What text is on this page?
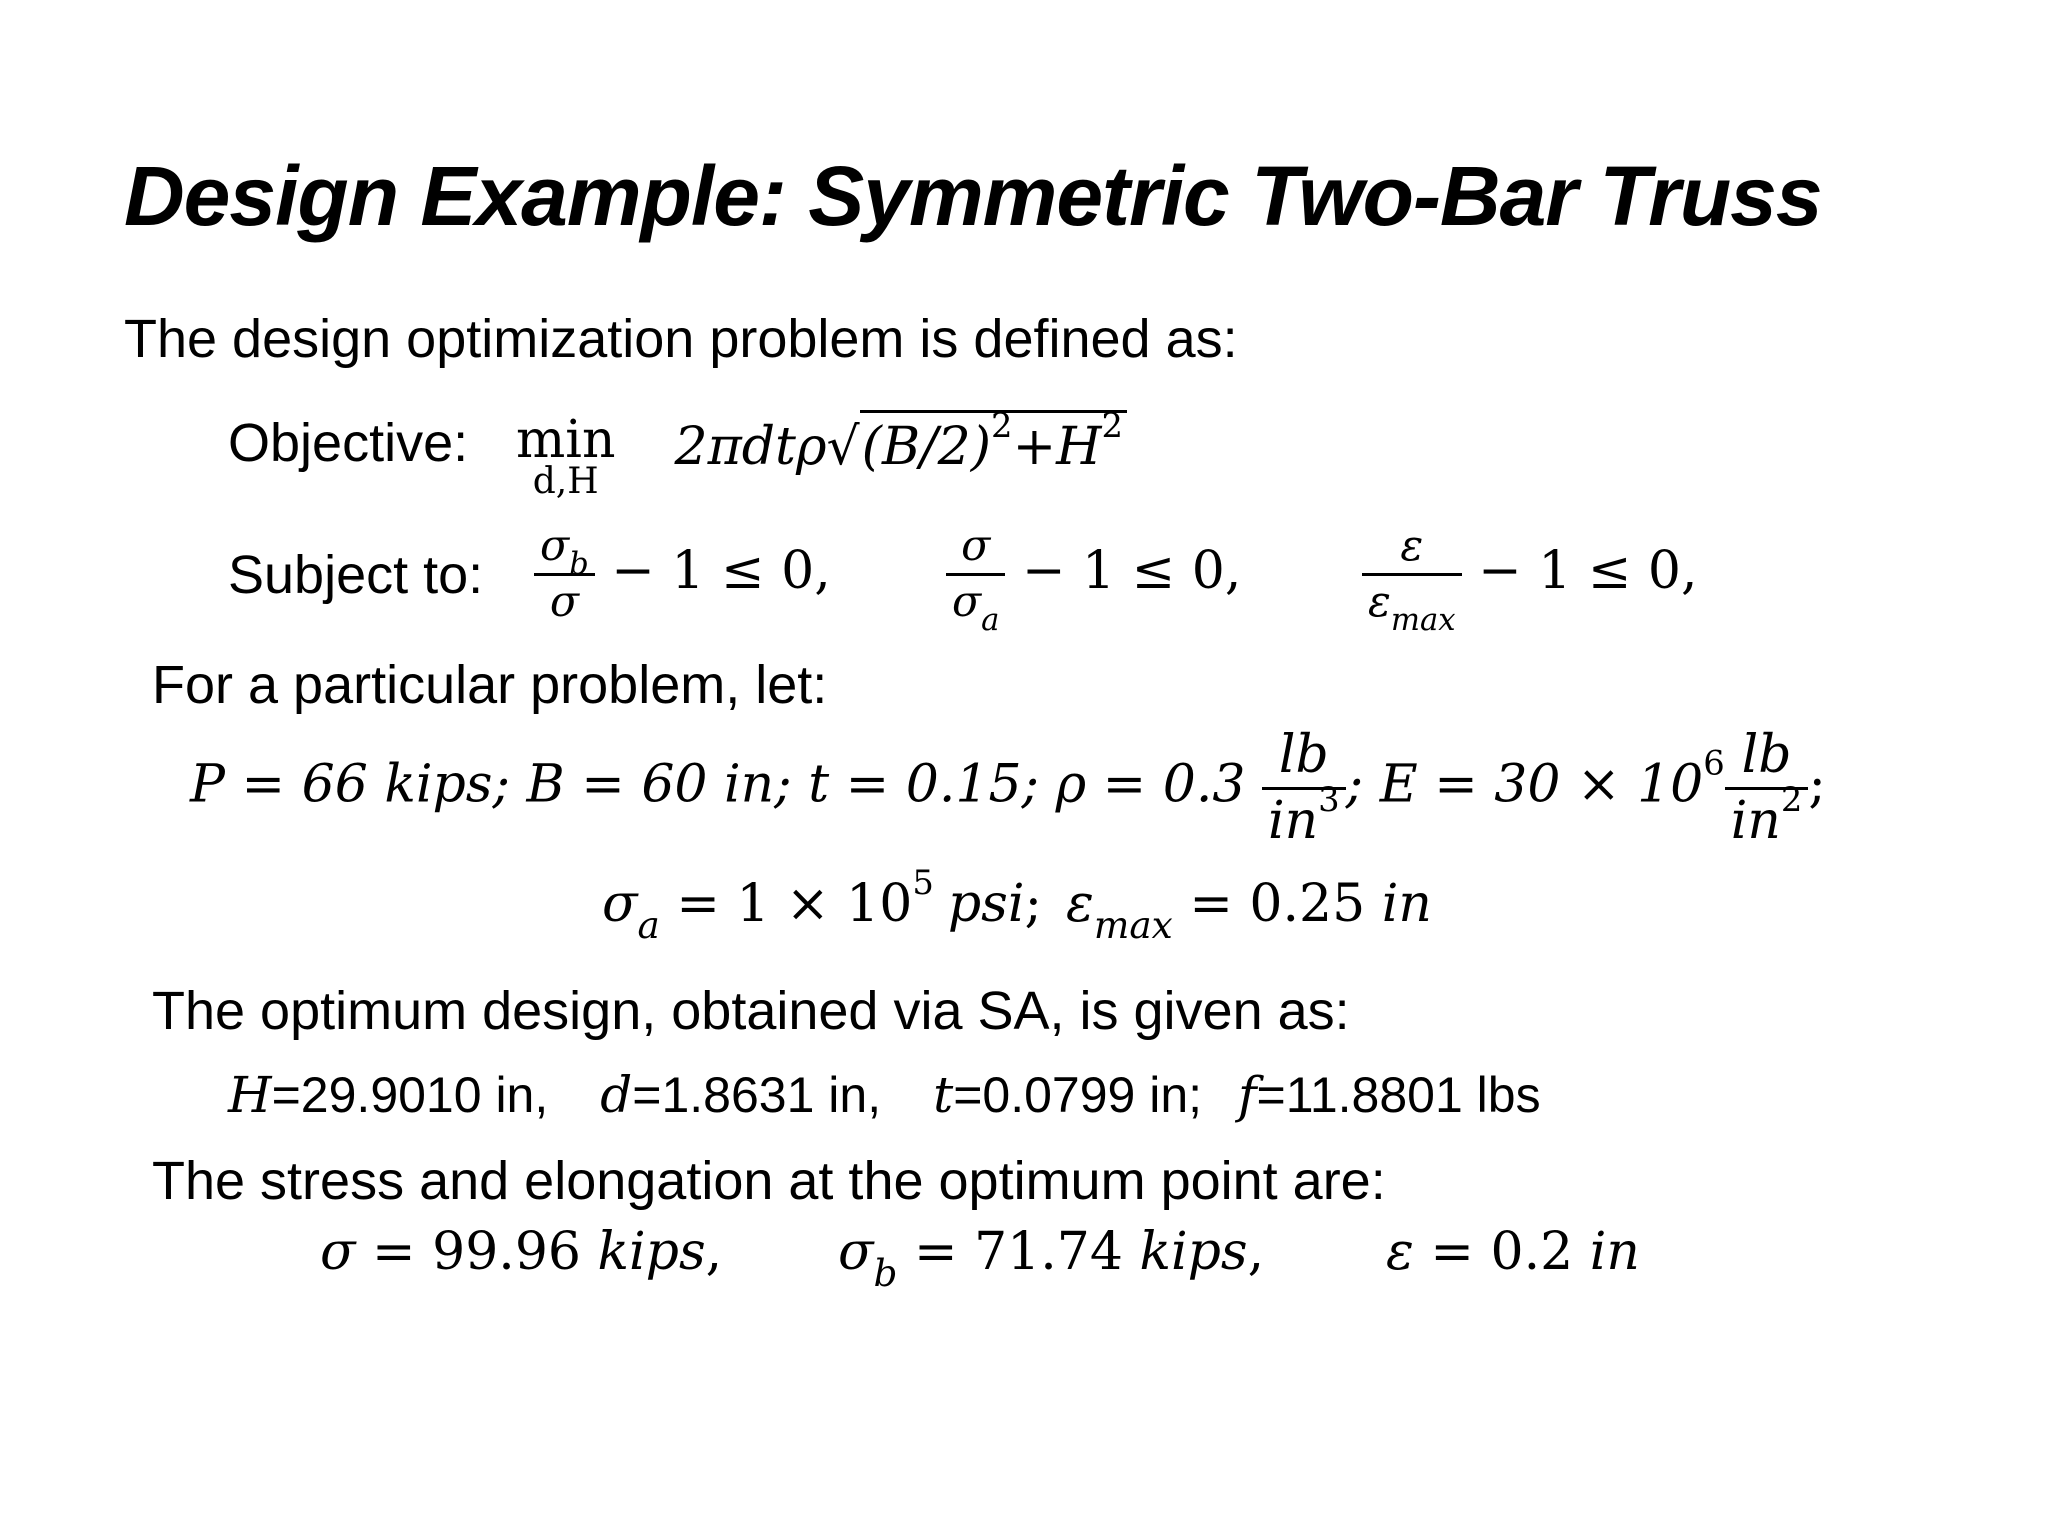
Design Example: Symmetric Two-Bar Truss
The design optimization problem is defined as:
Objective: min
d,H
$2\pi dt\rho√(B/2)^2+H^2$
Subject to: $\frac{\sigma_b}{\sigma} - 1 \le 0$,	$\frac{\sigma}{\sigma_a} - 1 \le 0$,	$\frac{\varepsilon}{\varepsilon_{max}} - 1 \le 0$,
For a particular problem, let:
P = 66 kips; B = 60 in; t = 0.15; $\rho = 0.3 \frac{lb}{in^3}$ ; $E = 30 \times 10^6 \frac{lb}{in^2}$ ;
$\sigma_a = 1 \times 10^5$ psi; $\varepsilon_{max} = 0.25$ in
The optimum design, obtained via SA, is given as:
H=29.9010 in, d=1.8631 in, t=0.0799 in; f=11.8801 lbs
The stress and elongation at the optimum point are:
σ = 99.96 kips, $\sigma_b = 71.74$ kips, ε = 0.2 in
